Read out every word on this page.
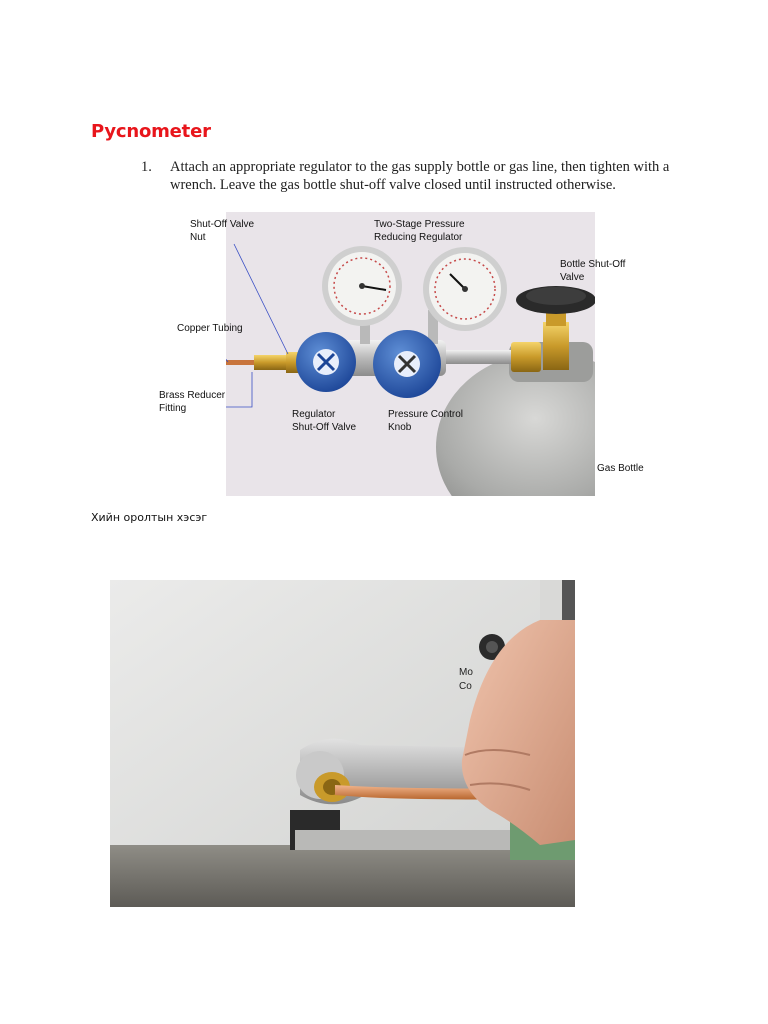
Pycnometer
1. Attach an appropriate regulator to the gas supply bottle or gas line, then tighten with a wrench. Leave the gas bottle shut-off valve closed until instructed otherwise.
Shut-Off Valve
Nut
Two-Stage Pressure
Reducing Regulator
Bottle Shut-Off
Valve
Copper Tubing
Brass Reducer
Fitting
Regulator
Shut-Off Valve
Pressure Control
Knob
Gas Bottle
Хийн оролтын хэсэг
Mo
Co
